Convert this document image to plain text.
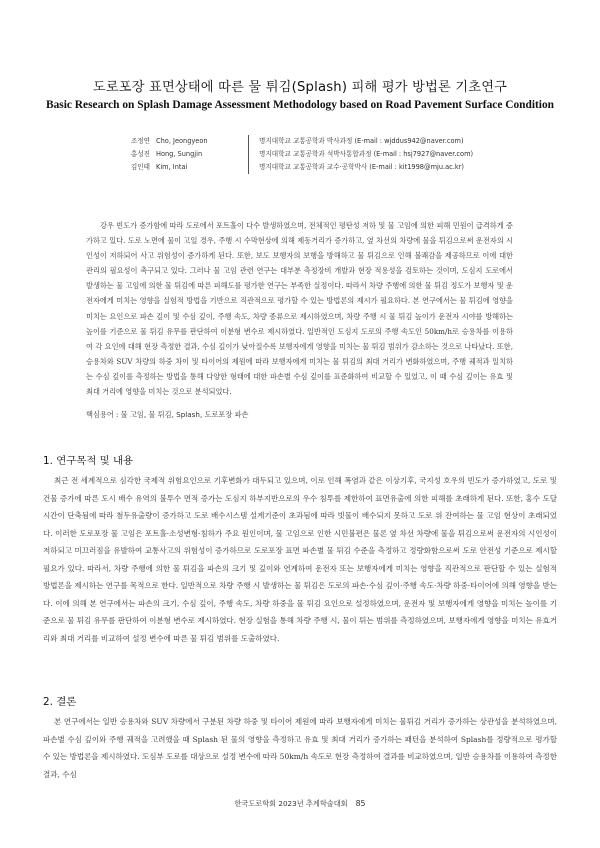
도로포장 표면상태에 따른 물 튀김(Splash) 피해 평가 방법론 기초연구
Basic Research on Splash Damage Assessment Methodology based on Road Pavement Surface Condition
조정연 Cho, Jeongyeon	명지대학교 교통공학과 박사과정 (E-mail : wjddus942@naver.com)
홍성진 Hong, Sungjin	명지대학교 교통공학과 석박사통합과정 (E-mail : hsj7927@naver.com)
김인태 Kim, Intai	명지대학교 교통공학과 교수·공학박사 (E-mail : kit1998@mju.ac.kr)
강우 빈도가 증가함에 따라 도로에서 포트홀이 다수 발생하였으며, 전체적인 평탄성 저하 및 물 고임에 의한 피해 민원이 급격하게 증가하고 있다. 도로 노면에 물이 고일 경우, 주행 시 수막현상에 의해 제동거리가 증가하고, 옆 차선의 차량에 물을 튀김으로써 운전자의 시인성이 저하되어 사고 위험성이 증가하게 된다. 또한, 보도 보행자의 보행을 방해하고 물 튀김으로 인해 불쾌감을 제공하므로 이에 대한 관리의 필요성이 촉구되고 있다. 그러나 물 고임 관련 연구는 대부분 측정장비 개발과 현장 적용성을 검토하는 것이며, 도심지 도로에서 발생하는 물 고임에 의한 물 튀김에 따른 피해도를 평가한 연구는 부족한 실정이다. 따라서 차량 주행에 의한 물 튀김 정도가 보행자 및 운전자에게 미치는 영향을 실험적 방법을 기반으로 직관적으로 평가할 수 있는 방법론의 제시가 필요하다. 본 연구에서는 물 튀김에 영향을 미치는 요인으로 파손 깊이 및 수심 깊이, 주행 속도, 차량 종류으로 제시하였으며, 차량 주행 시 물 튀김 높이가 운전자 시야를 방해하는 높이를 기준으로 물 튀김 유무를 판단하여 이분형 변수로 제시하였다. 일반적인 도심지 도로의 주행 속도인 50km/h로 승용차를 이용하여 각 요인에 대해 현장 측정한 결과, 수심 깊이가 낮아질수록 보행자에게 영향을 미치는 물 튀김 범위가 감소하는 것으로 나타났다. 또한, 승용차와 SUV 차량의 하중 차이 및 타이어의 제원에 따라 보행자에게 미치는 물 튀김의 최대 거리가 변화하였으며, 주행 궤적과 일치하는 수심 깊이를 측정하는 방법을 통해 다양한 형태에 대한 파손별 수심 깊이를 표준화하여 비교할 수 있었고, 이 때 수심 깊이는 유효 및 최대 거리에 영향을 미치는 것으로 분석되었다.
핵심용어 : 물 고임, 물 튀김, Splash, 도로포장 파손
1. 연구목적 및 내용
최근 전 세계적으로 심각한 국제적 위험요인으로 기후변화가 대두되고 있으며, 이로 인해 폭염과 같은 이상기후, 국지성 호우의 빈도가 증가하였고, 도로 및 건물 증가에 따른 도시 배수 유역의 불투수 면적 증가는 도심지 하부지반으로의 우수 침투를 제한하여 표면유출에 의한 피해를 초래하게 된다. 또한, 홍수 도달시간이 단축됨에 따라 첨두유출량이 증가하고 도로 배수시스템 설계기준이 초과됨에 따라 빗물이 배수되지 못하고 도로 위 잔여하는 물 고임 현상이 초래되었다. 이러한 도로포장 물 고임은 포트홀·소성변형·침하가 주요 원인이며, 물 고임으로 인한 시민불편은 물론 옆 차선 차량에 물을 튀김으로써 운전자의 시인성이 저하되고 미끄러짐을 유발하여 교통사고의 위험성이 증가하므로 도로포장 표면 파손별 물 튀김 수준을 측정하고 정량화함으로써 도로 안전성 기준으로 제시할 필요가 있다. 따라서, 차량 주행에 의한 물 튀김을 파손의 크기 및 깊이와 연계하여 운전자 또는 보행자에게 미치는 영향을 직관적으로 판단할 수 있는 실험적 방법론을 제시하는 연구를 목적으로 한다. 일반적으로 차량 주행 시 발생하는 물 튀김은 도로의 파손·수심 깊이·주행 속도·차량 하중·타이어에 의해 영향을 받는다. 이에 의해 본 연구에서는 파손의 크기, 수심 깊이, 주행 속도, 차량 하중을 물 튀김 요인으로 설정하였으며, 운전자 및 보행자에게 영향을 미치는 높이를 기준으로 물 튀김 유무를 판단하여 이분형 변수로 제시하였다. 현장 실험을 통해 차량 주행 시, 물이 튀는 범위를 측정하였으며, 보행자에게 영향을 미치는 유효거리와 최대 거리를 비교하여 설정 변수에 따른 물 튀김 범위를 도출하였다.
2. 결론
본 연구에서는 일반 승용차와 SUV 차량에서 구분된 차량 하중 및 타이어 제원에 따라 보행자에게 미치는 물튀김 거리가 증가하는 상관성을 분석하였으며, 파손별 수심 깊이와 주행 궤적을 고려했을 때 Splash 된 물의 영향을 측정하고 유효 및 최대 거리가 증가하는 패턴을 분석하여 Splash를 정량적으로 평가할 수 있는 방법론을 제시하였다. 도심부 도로를 대상으로 설정 변수에 따라 50km/h 속도로 현장 측정하여 결과를 비교하였으며, 일반 승용차를 이용하여 측정한 결과, 수심
한국도로학회 2023년 추계학술대회 85
